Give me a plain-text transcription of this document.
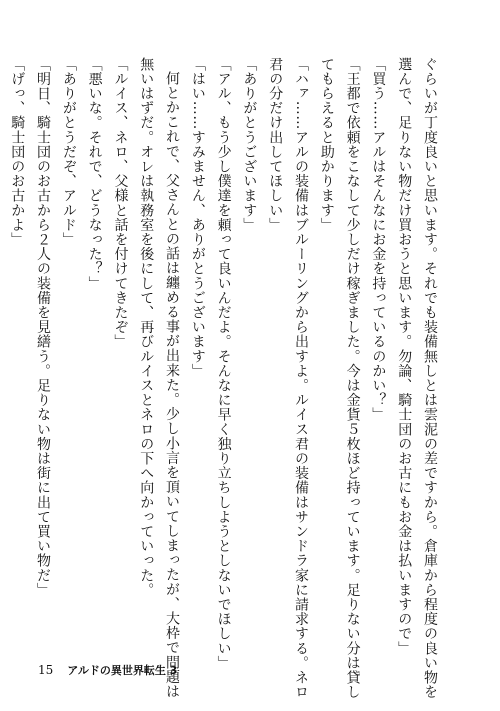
ぐらいが丁度良いと思います。それでも装備無しとは雲泥の差ですから。倉庫から程度の良い物を
選んで、足りない物だけ買おうと思います。勿論、騎士団のお古にもお金は払いますので」
「買う……アルはそんなにお金を持っているのかい？」
「王都で依頼をこなして少しだけ稼ぎました。今は金貨５枚ほど持っています。足りない分は貸し
てもらえると助かります」
「ハァ……アルの装備はブルーリングから出すよ。ルイス君の装備はサンドラ家に請求する。ネロ
君の分だけ出してほしい」
「ありがとうございます」
「アル、もう少し僕達を頼って良いんだよ。そんなに早く独り立ちしようとしないでほしい」
「はい……すみません、ありがとうございます」
何とかこれで、父さんとの話は纏める事が出来た。少し小言を頂いてしまったが、大枠で問題は
無いはずだ。オレは執務室を後にして、再びルイスとネロの下へ向かっていった。
「ルイス、ネロ、父様と話を付けてきたぞ」
「悪いな。それで、どうなった？」
「ありがとうだぞ、アルド」
「明日、騎士団のお古から２人の装備を見繕う。足りない物は街に出て買い物だ」
「げっ、騎士団のお古かよ」
15 アルドの異世界転生 3
